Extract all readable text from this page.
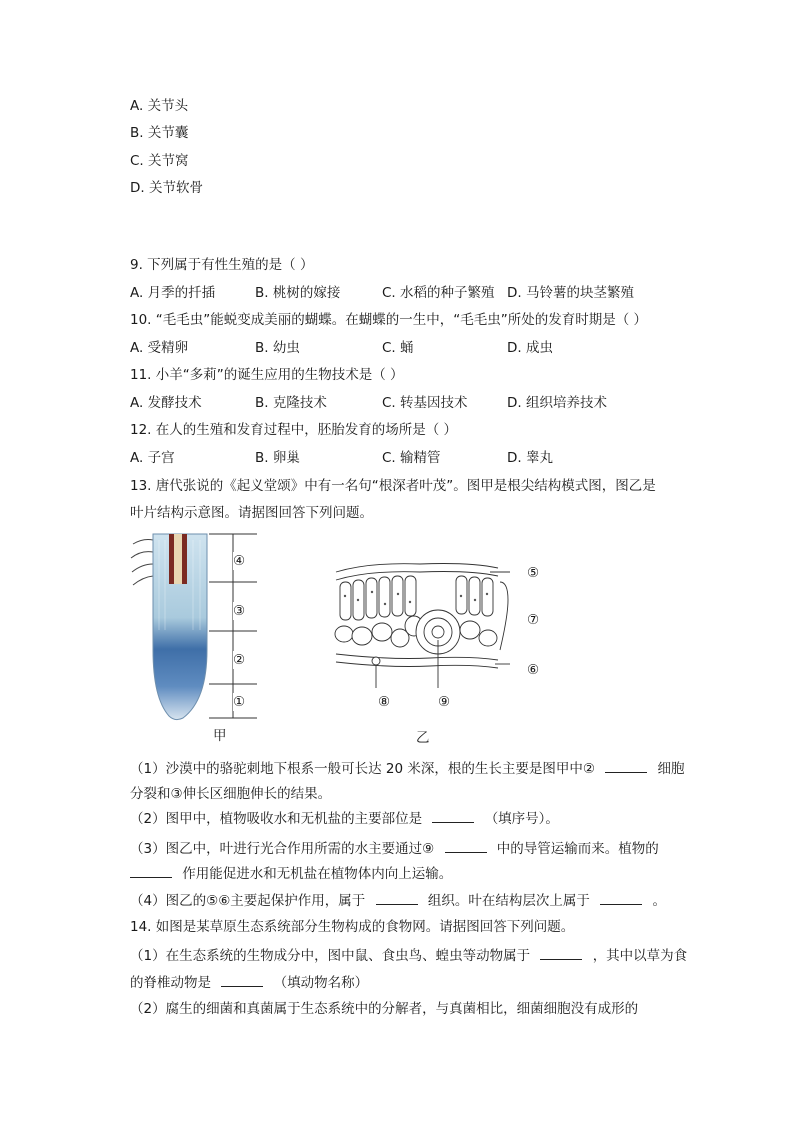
A. 关节头
B. 关节囊
C. 关节窝
D. 关节软骨
9. 下列属于有性生殖的是（ ）
A. 月季的扦插	B. 桃树的嫁接	C. 水稻的种子繁殖 D. 马铃薯的块茎繁殖
10. “毛毛虫”能蜕变成美丽的蝴蝶。在蝴蝶的一生中，“毛毛虫”所处的发育时期是（ ）
A. 受精卵	B. 幼虫	C. 蛹	D. 成虫
11. 小羊“多莉”的诞生应用的生物技术是（ ）
A. 发酵技术	B. 克隆技术	C. 转基因技术	D. 组织培养技术
12. 在人的生殖和发育过程中，胚胎发育的场所是（ ）
A. 子宫	B. 卵巢	C. 输精管	D. 睾丸
13. 唐代张说的《起义堂颂》中有一名句“根深者叶茂”。图甲是根尖结构模式图，图乙是
叶片结构示意图。请据图回答下列问题。
④
③
②
①
甲
⑤
⑦
⑥
⑧	⑨
乙
（1）沙漠中的骆驼刺地下根系一般可长达 20 米深，根的生长主要是图甲中②	细胞
分裂和③伸长区细胞伸长的结果。
（2）图甲中，植物吸收水和无机盐的主要部位是	（填序号）。
（3）图乙中，叶进行光合作用所需的水主要通过⑨	中的导管运输而来。植物的
作用能促进水和无机盐在植物体内向上运输。
（4）图乙的⑤⑥主要起保护作用，属于	组织。叶在结构层次上属于	。
14. 如图是某草原生态系统部分生物构成的食物网。请据图回答下列问题。
（1）在生态系统的生物成分中，图中鼠、食虫鸟、蝗虫等动物属于	，其中以草为食
的脊椎动物是	（填动物名称）
（2）腐生的细菌和真菌属于生态系统中的分解者，与真菌相比，细菌细胞没有成形的
